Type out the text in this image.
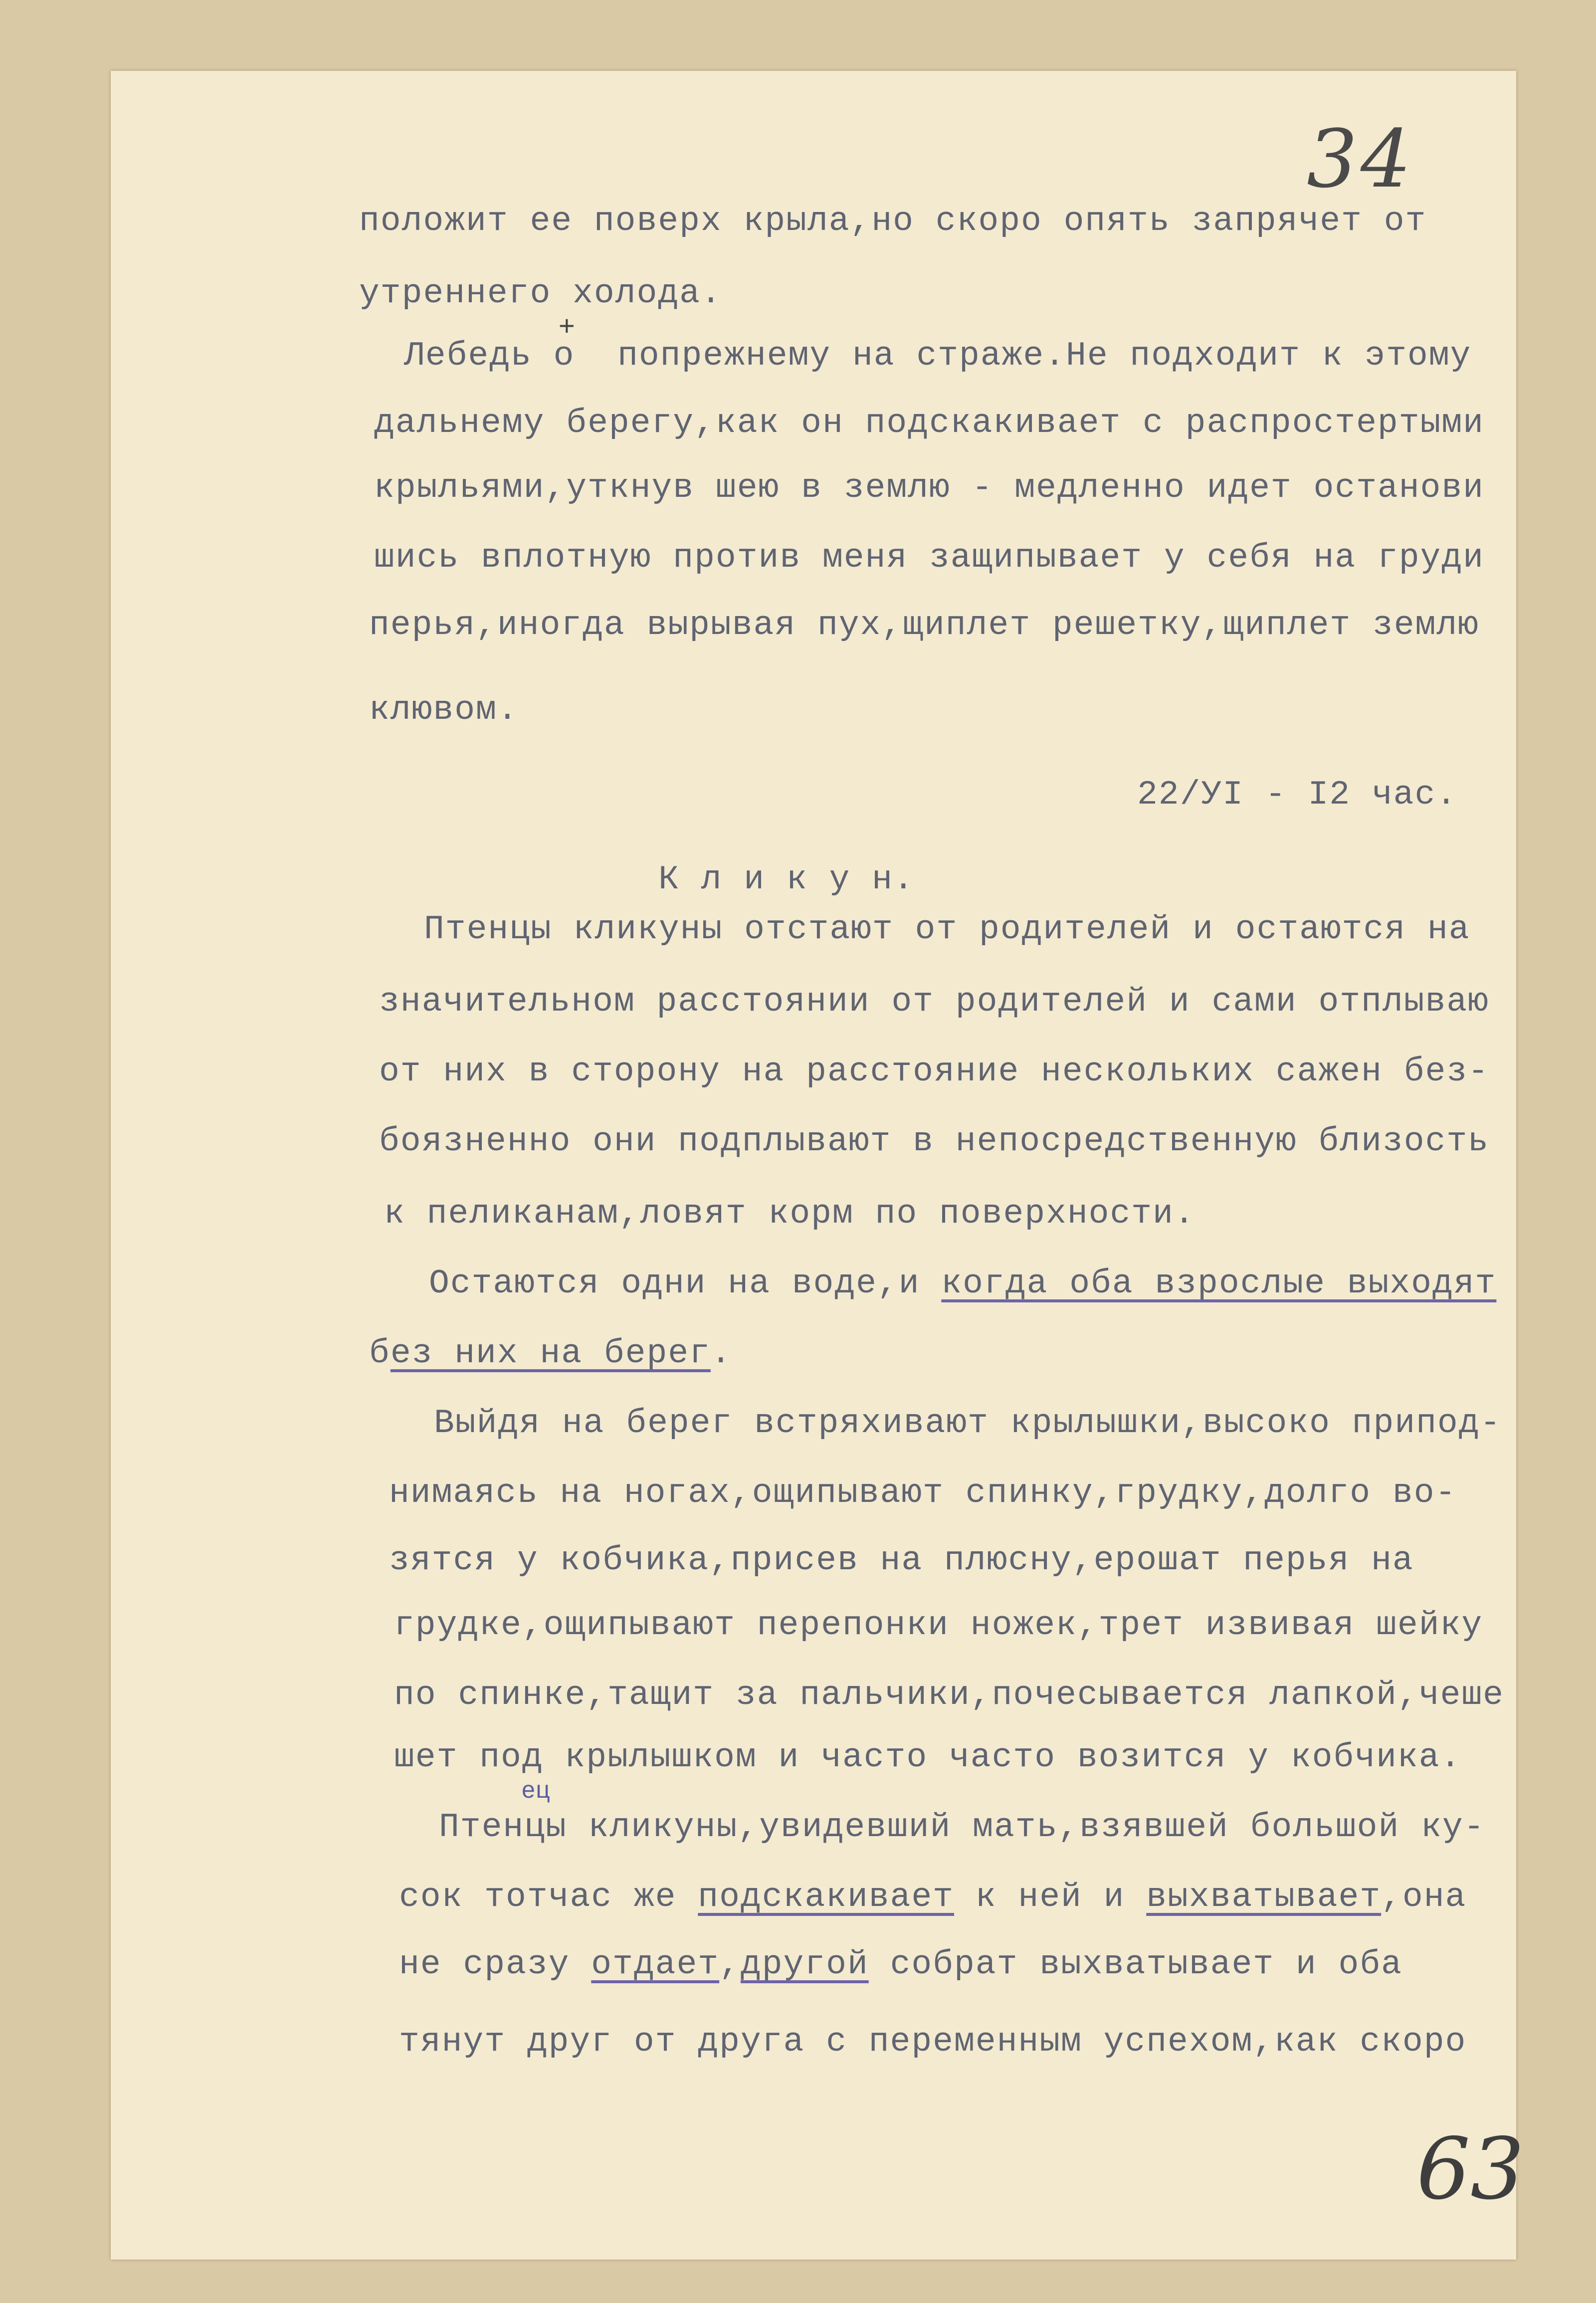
34
+
положит ее поверх крыла,но скоро опять запрячет от
утреннего холода.
Лебедь о  попрежнему на страже.Не подходит к этому
дальнему берегу,как он подскакивает с распростертыми
крыльями,уткнув шею в землю - медленно идет останови
шись вплотную против меня защипывает у себя на груди
перья,иногда вырывая пух,щиплет решетку,щиплет землю
клювом.
22/УI - I2 час.
К л и к у н.
Птенцы кликуны отстают от родителей и остаются на
значительном расстоянии от родителей и сами отплываю
от них в сторону на расстояние нескольких сажен без-
боязненно они подплывают в непосредственную близость
к пеликанам,ловят корм по поверхности.
Остаются одни на воде,и когда оба взрослые выходят
без них на берег.
Выйдя на берег встряхивают крылышки,высоко припод-
нимаясь на ногах,ощипывают спинку,грудку,долго во-
зятся у кобчика,присев на плюсну,ерошат перья на
грудке,ощипывают перепонки ножек,трет извивая шейку
по спинке,тащит за пальчики,почесывается лапкой,чеше
шет под крылышком и часто часто возится у кобчика.
ец
Птенцы кликуны,увидевший мать,взявшей большой ку-
сок тотчас же подскакивает к ней и выхватывает,она
не сразу отдает,другой собрат выхватывает и оба
тянут друг от друга с переменным успехом,как скоро
63
